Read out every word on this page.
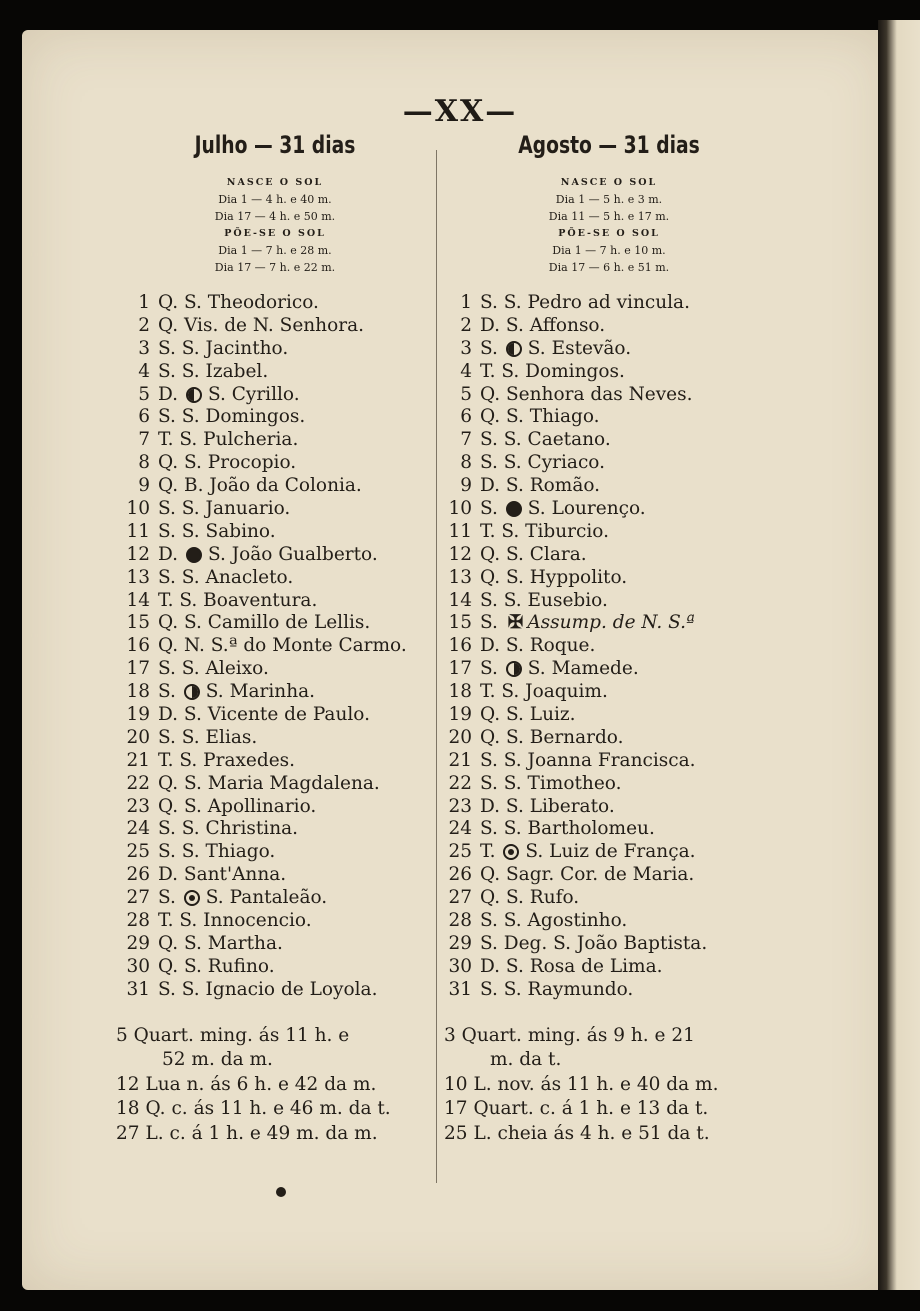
—XX—
Julho — 31 dias
NASCE O SOL
Dia 1 — 4 h. e 40 m.
Dia 17 — 4 h. e 50 m.
PÕE-SE O SOL
Dia 1 — 7 h. e 28 m.
Dia 17 — 7 h. e 22 m.
1 Q. S. Theodorico.
2 Q. Vis. de N. Senhora.
3 S. S. Jacintho.
4 S. S. Izabel.
5 D. S. Cyrillo.
6 S. S. Domingos.
7 T. S. Pulcheria.
8 Q. S. Procopio.
9 Q. B. João da Colonia.
10 S. S. Januario.
11 S. S. Sabino.
12 D. S. João Gualberto.
13 S. S. Anacleto.
14 T. S. Boaventura.
15 Q. S. Camillo de Lellis.
16 Q. N. S.ª do Monte Carmo.
17 S. S. Aleixo.
18 S. S. Marinha.
19 D. S. Vicente de Paulo.
20 S. S. Elias.
21 T. S. Praxedes.
22 Q. S. Maria Magdalena.
23 Q. S. Apollinario.
24 S. S. Christina.
25 S. S. Thiago.
26 D. Sant'Anna.
27 S. S. Pantaleão.
28 T. S. Innocencio.
29 Q. S. Martha.
30 Q. S. Rufino.
31 S. S. Ignacio de Loyola.
5 Quart. ming. ás 11 h. e
52 m. da m.
12 Lua n. ás 6 h. e 42 da m.
18 Q. c. ás 11 h. e 46 m. da t.
27 L. c. á 1 h. e 49 m. da m.
Agosto — 31 dias
NASCE O SOL
Dia 1 — 5 h. e 3 m.
Dia 11 — 5 h. e 17 m.
PÕE-SE O SOL
Dia 1 — 7 h. e 10 m.
Dia 17 — 6 h. e 51 m.
1 S. S. Pedro ad vincula.
2 D. S. Affonso.
3 S. S. Estevão.
4 T. S. Domingos.
5 Q. Senhora das Neves.
6 Q. S. Thiago.
7 S. S. Caetano.
8 S. S. Cyriaco.
9 D. S. Romão.
10 S. S. Lourenço.
11 T. S. Tiburcio.
12 Q. S. Clara.
13 Q. S. Hyppolito.
14 S. S. Eusebio.
15 S. ✠ Assump. de N. S.ª
16 D. S. Roque.
17 S. S. Mamede.
18 T. S. Joaquim.
19 Q. S. Luiz.
20 Q. S. Bernardo.
21 S. S. Joanna Francisca.
22 S. S. Timotheo.
23 D. S. Liberato.
24 S. S. Bartholomeu.
25 T. S. Luiz de França.
26 Q. Sagr. Cor. de Maria.
27 Q. S. Rufo.
28 S. S. Agostinho.
29 S. Deg. S. João Baptista.
30 D. S. Rosa de Lima.
31 S. S. Raymundo.
3 Quart. ming. ás 9 h. e 21
m. da t.
10 L. nov. ás 11 h. e 40 da m.
17 Quart. c. á 1 h. e 13 da t.
25 L. cheia ás 4 h. e 51 da t.
